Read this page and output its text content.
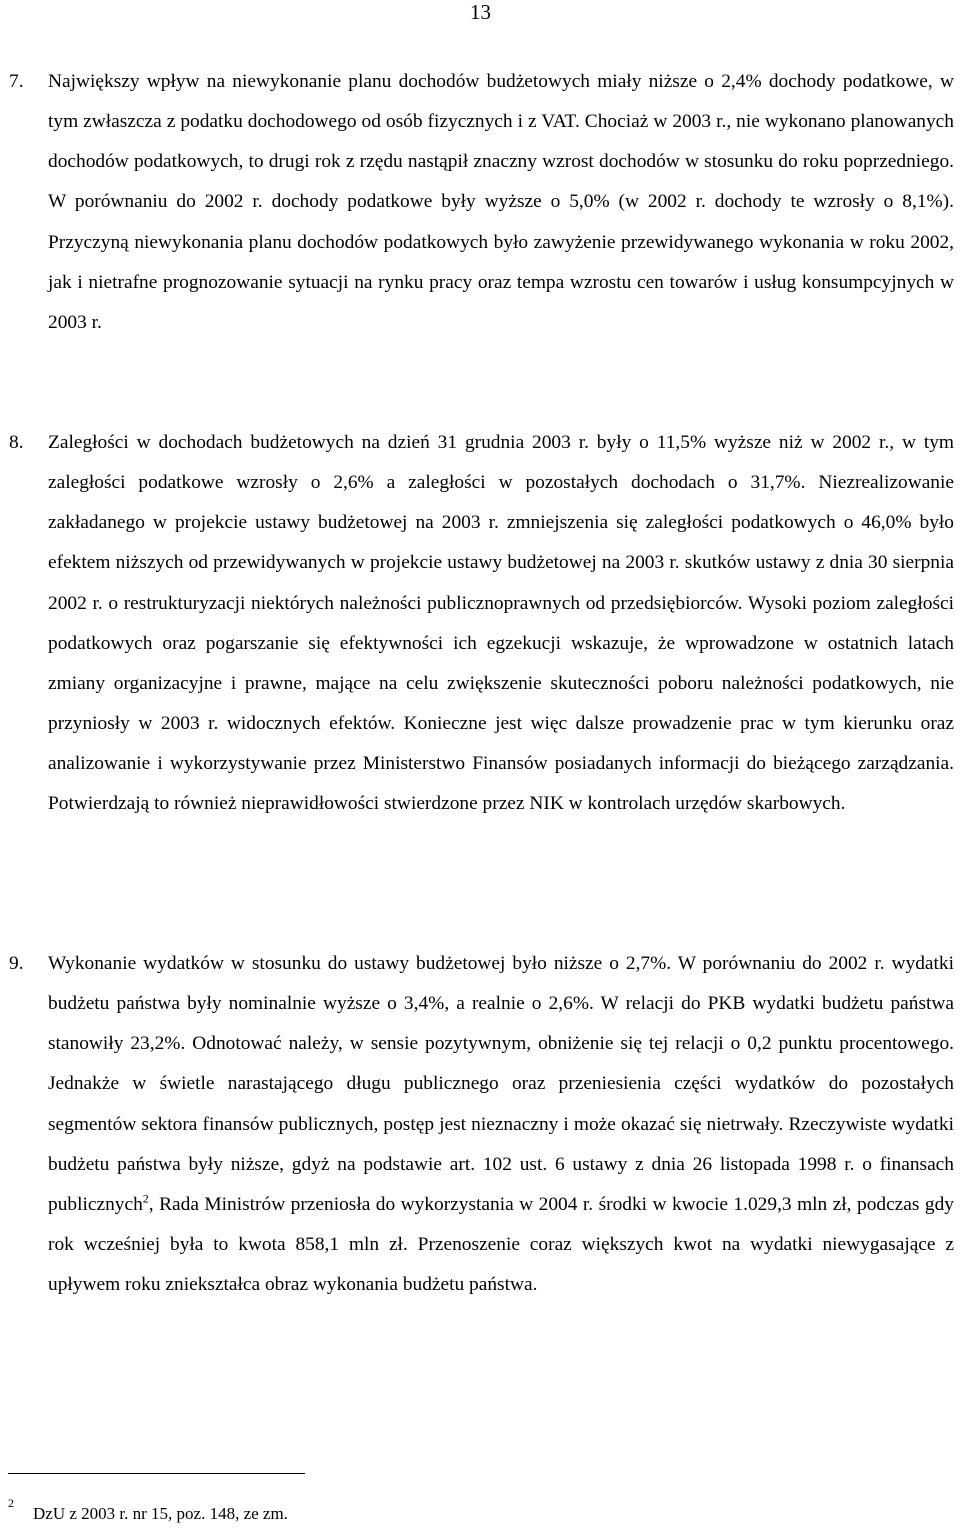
13
7. Największy wpływ na niewykonanie planu dochodów budżetowych miały niższe o 2,4% dochody podatkowe, w tym zwłaszcza z podatku dochodowego od osób fizycznych i z VAT. Chociaż w 2003 r., nie wykonano planowanych dochodów podatkowych, to drugi rok z rzędu nastąpił znaczny wzrost dochodów w stosunku do roku poprzedniego. W porównaniu do 2002 r. dochody podatkowe były wyższe o 5,0% (w 2002 r. dochody te wzrosły o 8,1%). Przyczyną niewykonania planu dochodów podatkowych było zawyżenie przewidywanego wykonania w roku 2002, jak i nietrafne prognozowanie sytuacji na rynku pracy oraz tempa wzrostu cen towarów i usług konsumpcyjnych w 2003 r.
8. Zaległości w dochodach budżetowych na dzień 31 grudnia 2003 r. były o 11,5% wyższe niż w 2002 r., w tym zaległości podatkowe wzrosły o 2,6% a zaległości w pozostałych dochodach o 31,7%. Niezrealizowanie zakładanego w projekcie ustawy budżetowej na 2003 r. zmniejszenia się zaległości podatkowych o 46,0% było efektem niższych od przewidywanych w projekcie ustawy budżetowej na 2003 r. skutków ustawy z dnia 30 sierpnia 2002 r. o restrukturyzacji niektórych należności publicznoprawnych od przedsiębiorców. Wysoki poziom zaległości podatkowych oraz pogarszanie się efektywności ich egzekucji wskazuje, że wprowadzone w ostatnich latach zmiany organizacyjne i prawne, mające na celu zwiększenie skuteczności poboru należności podatkowych, nie przyniosły w 2003 r. widocznych efektów. Konieczne jest więc dalsze prowadzenie prac w tym kierunku oraz analizowanie i wykorzystywanie przez Ministerstwo Finansów posiadanych informacji do bieżącego zarządzania. Potwierdzają to również nieprawidłowości stwierdzone przez NIK w kontrolach urzędów skarbowych.
9. Wykonanie wydatków w stosunku do ustawy budżetowej było niższe o 2,7%. W porównaniu do 2002 r. wydatki budżetu państwa były nominalnie wyższe o 3,4%, a realnie o 2,6%. W relacji do PKB wydatki budżetu państwa stanowiły 23,2%. Odnotować należy, w sensie pozytywnym, obniżenie się tej relacji o 0,2 punktu procentowego. Jednakże w świetle narastającego długu publicznego oraz przeniesienia części wydatków do pozostałych segmentów sektora finansów publicznych, postęp jest nieznaczny i może okazać się nietrwały. Rzeczywiste wydatki budżetu państwa były niższe, gdyż na podstawie art. 102 ust. 6 ustawy z dnia 26 listopada 1998 r. o finansach publicznych$^2$, Rada Ministrów przeniosła do wykorzystania w 2004 r. środki w kwocie 1.029,3 mln zł, podczas gdy rok wcześniej była to kwota 858,1 mln zł. Przenoszenie coraz większych kwot na wydatki niewygasające z upływem roku zniekształca obraz wykonania budżetu państwa.
2
DzU z 2003 r. nr 15, poz. 148, ze zm.
